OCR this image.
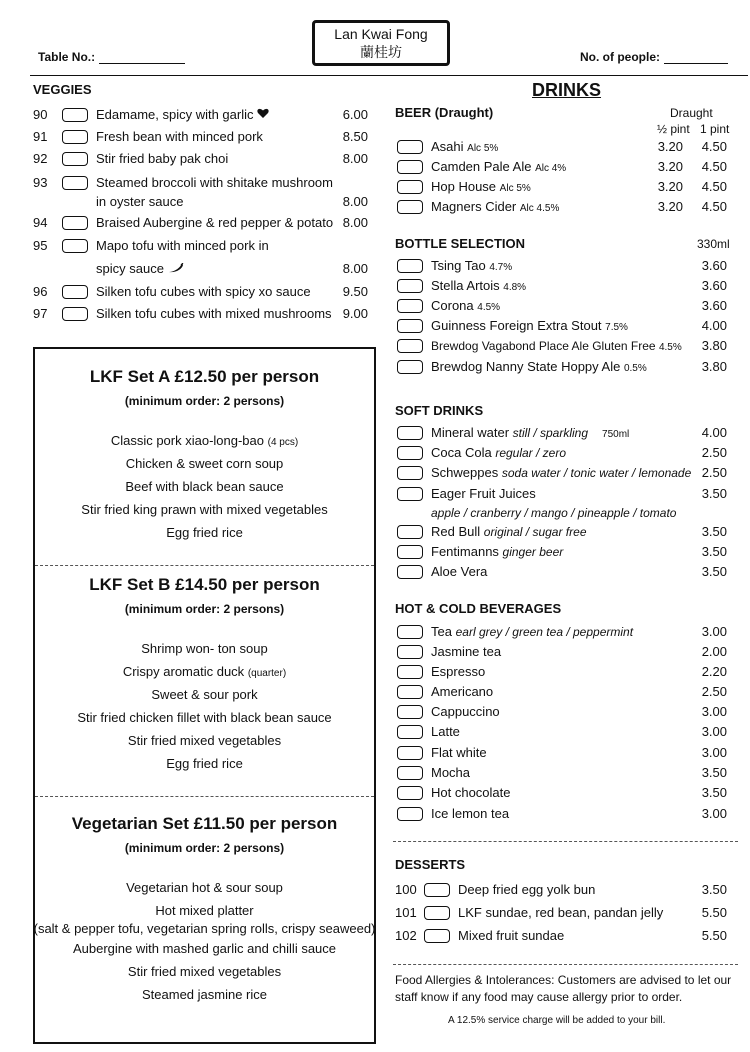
Table No.:
Lan Kwai Fong
蘭桂坊	No. of people:
VEGGIES
90	Edamame, spicy with garlic	6.00
91	Fresh bean with minced pork	8.50
92	Stir fried baby pak choi	8.00
93	Steamed broccoli with shitake mushroom
in oyster sauce	8.00
94	Braised Aubergine & red pepper & potato 8.00
95	Mapo tofu with minced pork in
spicy sauce	8.00
96	Silken tofu cubes with spicy xo sauce 9.50
97	Silken tofu cubes with mixed mushrooms 9.00
LKF Set A £12.50 per person
(minimum order: 2 persons)
Classic pork xiao-long-bao (4 pcs)
Chicken & sweet corn soup
Beef with black bean sauce
Stir fried king prawn with mixed vegetables
Egg fried rice
LKF Set B £14.50 per person
(minimum order: 2 persons)
Shrimp won- ton soup
Crispy aromatic duck (quarter)
Sweet & sour pork
Stir fried chicken fillet with black bean sauce
Stir fried mixed vegetables
Egg fried rice
Vegetarian Set £11.50 per person
(minimum order: 2 persons)
Vegetarian hot & sour soup
Hot mixed platter
(salt & pepper tofu, vegetarian spring rolls, crispy seaweed)
Aubergine with mashed garlic and chilli sauce
Stir fried mixed vegetables
Steamed jasmine rice
DRINKS
BEER (Draught)	Draught
½ pint 1 pint
Asahi Alc 5%	3.20 4.50
Camden Pale Ale Alc 4%	3.20 4.50
Hop House Alc 5%	3.20 4.50
Magners Cider Alc 4.5%	3.20 4.50
BOTTLE SELECTION	330ml
Tsing Tao 4.7%	3.60
Stella Artois 4.8%	3.60
Corona 4.5%	3.60
Guinness Foreign Extra Stout 7.5%	4.00
Brewdog Vagabond Place Ale Gluten Free 4.5% 3.80
Brewdog Nanny State Hoppy Ale 0.5%	3.80
SOFT DRINKS
Mineral water still / sparkling 750ml	4.00
Coca Cola regular / zero	2.50
Schweppes soda water / tonic water / lemonade 2.50
Eager Fruit Juices
apple / cranberry / mango / pineapple / tomato
3.50
Red Bull original / sugar free	3.50
Fentimanns ginger beer	3.50
Aloe Vera	3.50
HOT & COLD BEVERAGES
Tea earl grey / green tea / peppermint	3.00
Jasmine tea	2.00
Espresso	2.20
Americano	2.50
Cappuccino	3.00
Latte	3.00
Flat white	3.00
Mocha	3.50
Hot chocolate	3.50
Ice lemon tea	3.00
DESSERTS
100	Deep fried egg yolk bun	3.50
101	LKF sundae, red bean, pandan jelly	5.50
102	Mixed fruit sundae	5.50
Food Allergies & Intolerances: Customers are advised to let our
staff know if any food may cause allergy prior to order.
A 12.5% service charge will be added to your bill.
